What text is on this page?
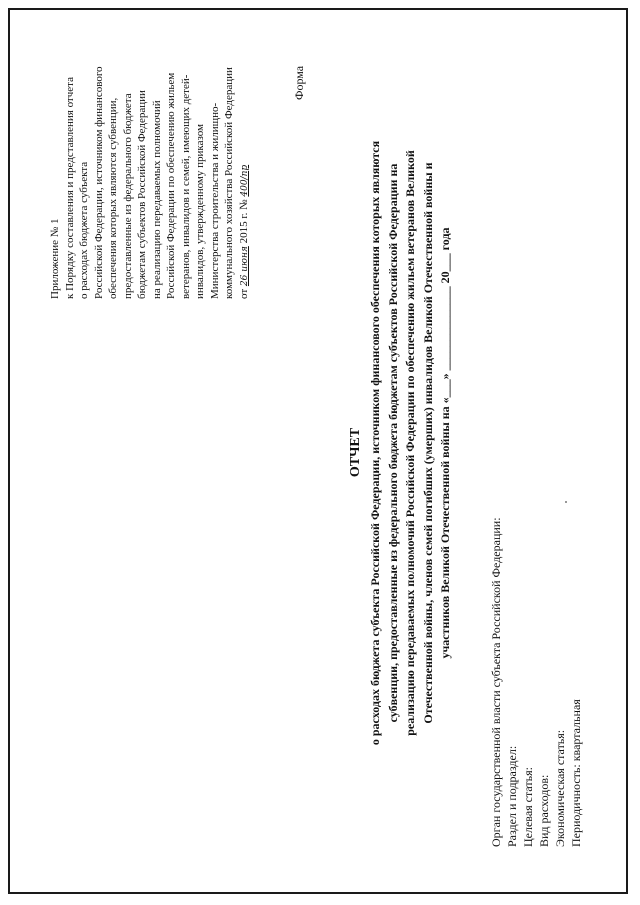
Приложение № 1 к Порядку составления и представления отчета о расходах бюджета субъекта Российской Федерации, источником финансового обеспечения которых являются субвенции, предоставленные из федерального бюджета бюджетам субъектов Российской Федерации на реализацию передаваемых полномочий Российской Федерации по обеспечению жильем ветеранов, инвалидов и семей, имеющих детей- инвалидов, утвержденному приказом Министерства строительства и жилищно- коммунального хозяйства Российской Федерации от 26 июня 2015 г. № 400/пр
Форма
ОТЧЕТ о расходах бюджета субъекта Российской Федерации, источником финансового обеспечения которых являются субвенции, предоставленные из федерального бюджета бюджетам субъектов Российской Федерации на реализацию передаваемых полномочий Российской Федерации по обеспечению жильем ветеранов Великой Отечественной войны, членов семей погибших (умерших) инвалидов Великой Отечественной войны и участников Великой Отечественной войны на «___» ______________ 20___ года
Орган государственной власти субъекта Российской Федерации: Раздел и подраздел: Целевая статья: Вид расходов: Экономическая статья: Периодичность: квартальная
